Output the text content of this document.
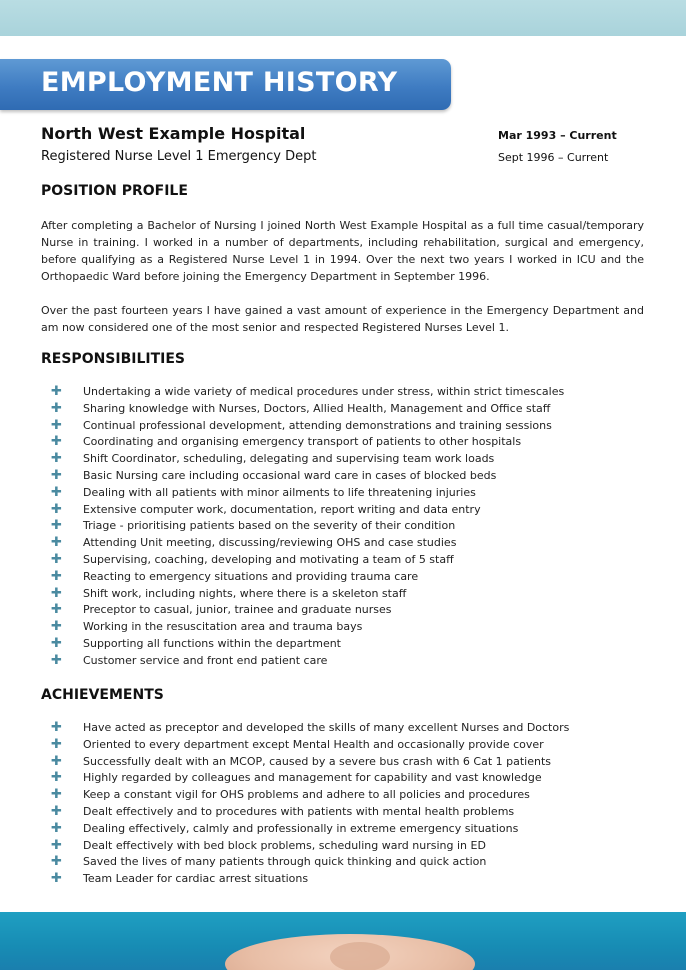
EMPLOYMENT HISTORY
North West Example Hospital
Registered Nurse Level 1 Emergency Dept
Mar 1993 – Current
Sept 1996 – Current
POSITION PROFILE

After completing a Bachelor of Nursing I joined North West Example Hospital as a full time casual/temporary Nurse in training. I worked in a number of departments, including rehabilitation, surgical and emergency, before qualifying as a Registered Nurse Level 1 in 1994. Over the next two years I worked in ICU and the Orthopaedic Ward before joining the Emergency Department in September 1996.

Over the past fourteen years I have gained a vast amount of experience in the Emergency Department and am now considered one of the most senior and respected Registered Nurses Level 1.

RESPONSIBILITIES
✚ Undertaking a wide variety of medical procedures under stress, within strict timescales
✚ Sharing knowledge with Nurses, Doctors, Allied Health, Management and Office staff
✚ Continual professional development, attending demonstrations and training sessions
✚ Coordinating and organising emergency transport of patients to other hospitals
✚ Shift Coordinator, scheduling, delegating and supervising team work loads
✚ Basic Nursing care including occasional ward care in cases of blocked beds
✚ Dealing with all patients with minor ailments to life threatening injuries
✚ Extensive computer work, documentation, report writing and data entry
✚ Triage - prioritising patients based on the severity of their condition
✚ Attending Unit meeting, discussing/reviewing OHS and case studies
✚ Supervising, coaching, developing and motivating a team of 5 staff
✚ Reacting to emergency situations and providing trauma care
✚ Shift work, including nights, where there is a skeleton staff
✚ Preceptor to casual, junior, trainee and graduate nurses
✚ Working in the resuscitation area and trauma bays
✚ Supporting all functions within the department
✚ Customer service and front end patient care
ACHIEVEMENTS
✚ Have acted as preceptor and developed the skills of many excellent Nurses and Doctors
✚ Oriented to every department except Mental Health and occasionally provide cover
✚ Successfully dealt with an MCOP, caused by a severe bus crash with 6 Cat 1 patients
✚ Highly regarded by colleagues and management for capability and vast knowledge
✚ Keep a constant vigil for OHS problems and adhere to all policies and procedures
✚ Dealt effectively and to procedures with patients with mental health problems
✚ Dealing effectively, calmly and professionally in extreme emergency situations
✚ Dealt effectively with bed block problems, scheduling ward nursing in ED
✚ Saved the lives of many patients through quick thinking and quick action
✚ Team Leader for cardiac arrest situations
